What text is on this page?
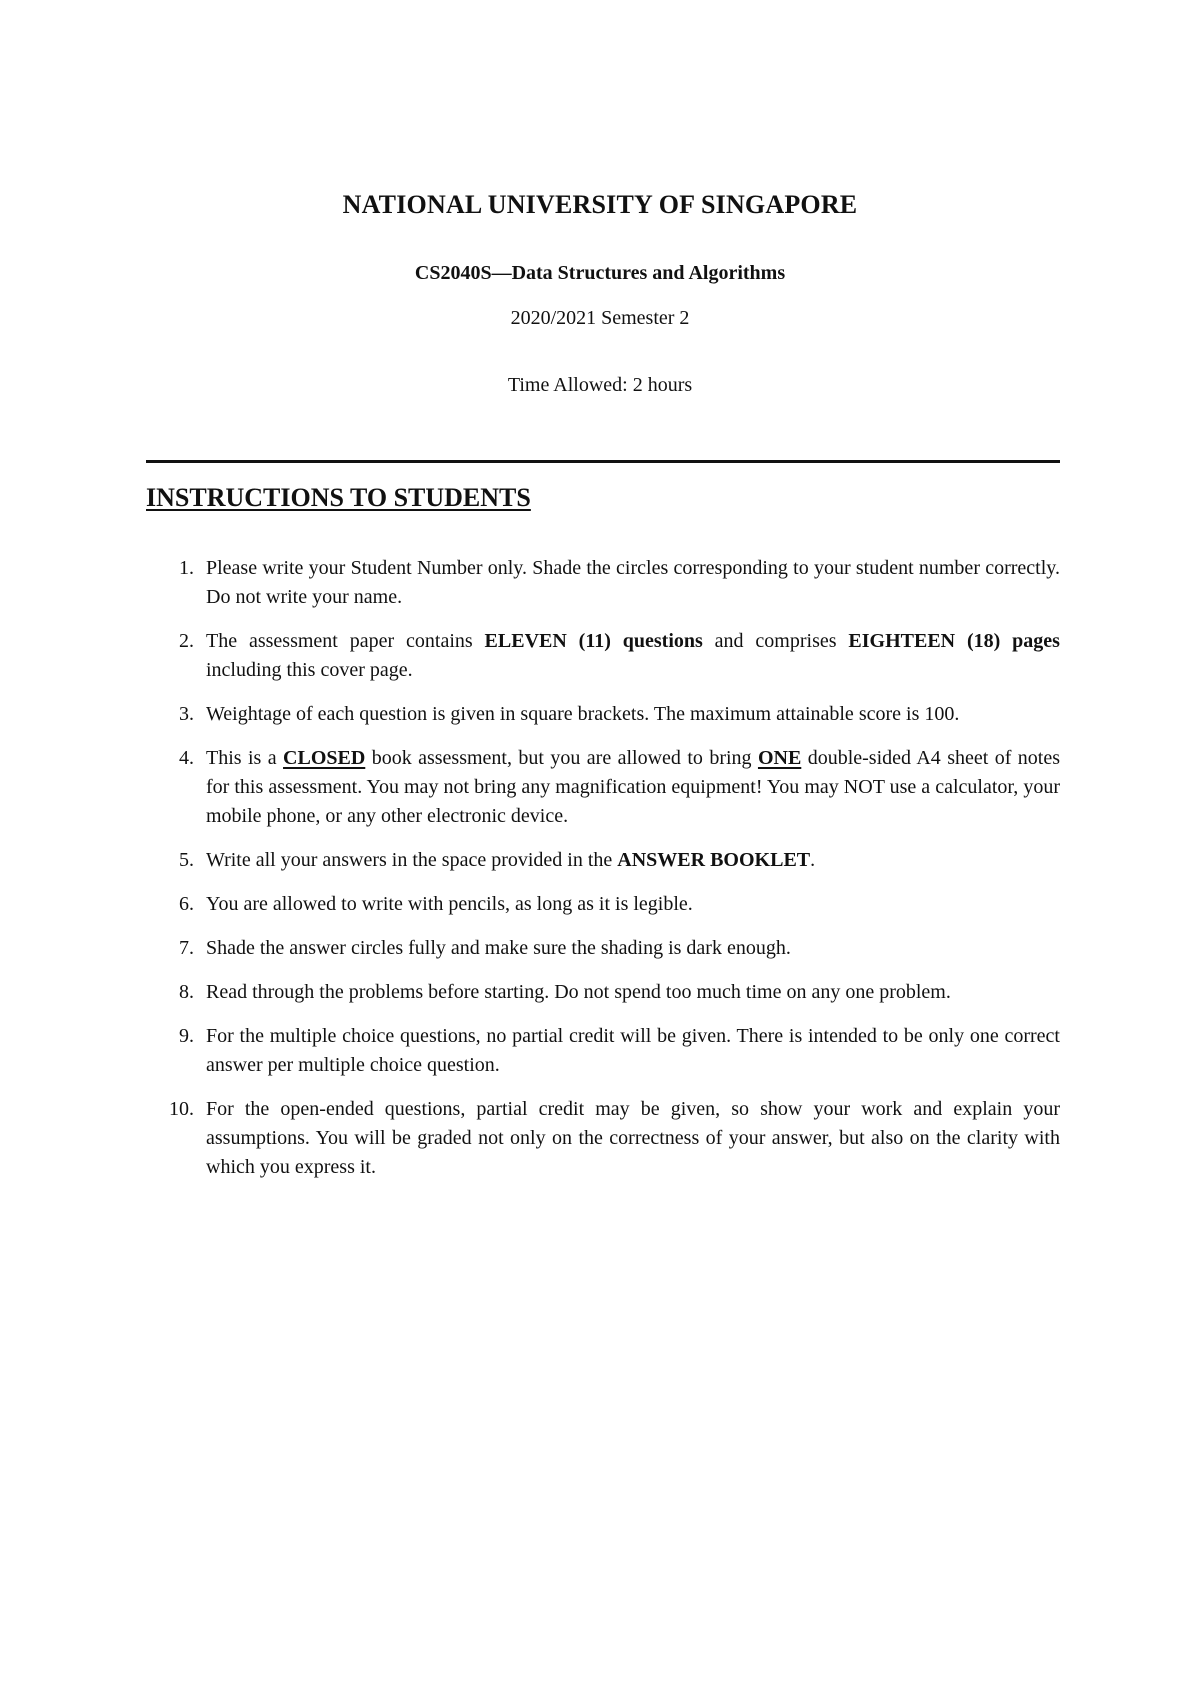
NATIONAL UNIVERSITY OF SINGAPORE
CS2040S—Data Structures and Algorithms
2020/2021 Semester 2
Time Allowed: 2 hours
INSTRUCTIONS TO STUDENTS
1. Please write your Student Number only. Shade the circles corresponding to your student number correctly. Do not write your name.
2. The assessment paper contains ELEVEN (11) questions and comprises EIGHTEEN (18) pages including this cover page.
3. Weightage of each question is given in square brackets. The maximum attainable score is 100.
4. This is a CLOSED book assessment, but you are allowed to bring ONE double-sided A4 sheet of notes for this assessment. You may not bring any magnification equipment! You may NOT use a calculator, your mobile phone, or any other electronic device.
5. Write all your answers in the space provided in the ANSWER BOOKLET.
6. You are allowed to write with pencils, as long as it is legible.
7. Shade the answer circles fully and make sure the shading is dark enough.
8. Read through the problems before starting. Do not spend too much time on any one problem.
9. For the multiple choice questions, no partial credit will be given. There is intended to be only one correct answer per multiple choice question.
10. For the open-ended questions, partial credit may be given, so show your work and explain your assumptions. You will be graded not only on the correctness of your answer, but also on the clarity with which you express it.
